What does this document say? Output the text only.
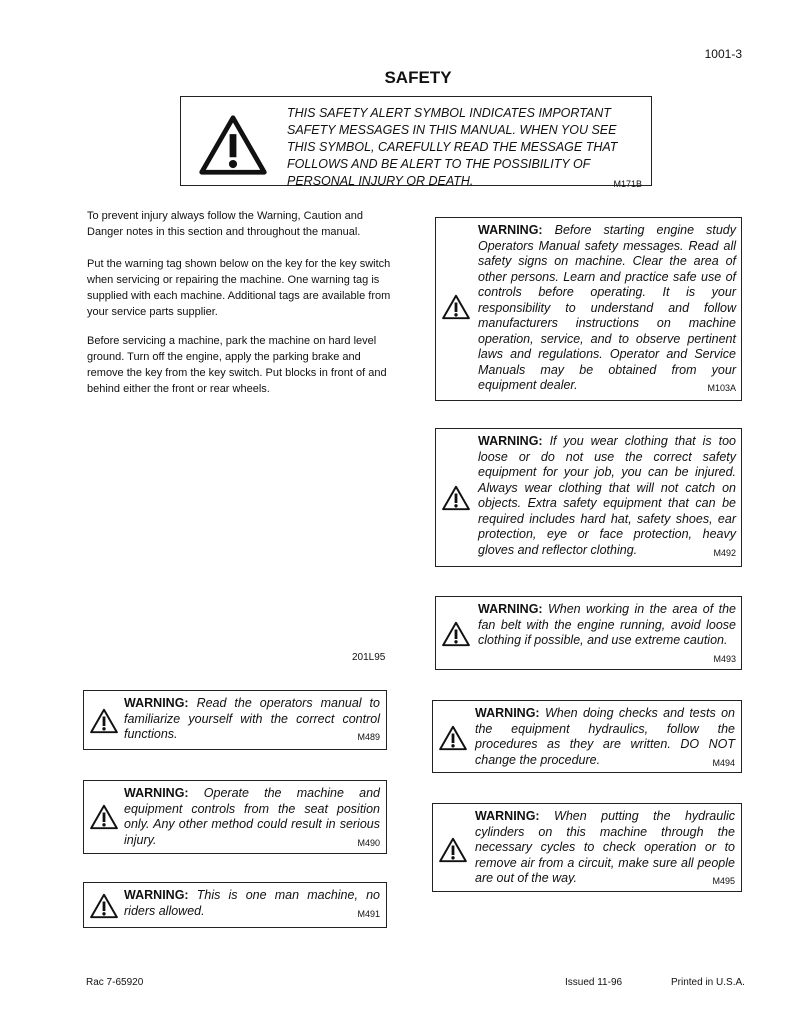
1001-3
SAFETY
THIS SAFETY ALERT SYMBOL INDICATES IMPORTANT SAFETY MESSAGES IN THIS MANUAL. WHEN YOU SEE THIS SYMBOL, CAREFULLY READ THE MESSAGE THAT FOLLOWS AND BE ALERT TO THE POSSIBILITY OF PERSONAL INJURY OR DEATH.	M171B
To prevent injury always follow the Warning, Caution and Danger notes in this section and throughout the manual.
Put the warning tag shown below on the key for the key switch when servicing or repairing the machine. One warning tag is supplied with each machine. Additional tags are available from your service parts supplier.
Before servicing a machine, park the machine on hard level ground. Turn off the engine, apply the parking brake and remove the key from the key switch. Put blocks in front of and behind either the front or rear wheels.
201L95
WARNING: Before starting engine study Operators Manual safety messages. Read all safety signs on machine. Clear the area of other persons. Learn and practice safe use of controls before operating. It is your responsibility to understand and follow manufacturers instructions on machine operation, service, and to observe pertinent laws and regulations. Operator and Service Manuals may be obtained from your equipment dealer.	M103A
WARNING: If you wear clothing that is too loose or do not use the correct safety equipment for your job, you can be injured. Always wear clothing that will not catch on objects. Extra safety equipment that can be required includes hard hat, safety shoes, ear protection, eye or face protection, heavy gloves and reflector clothing.	M492
WARNING: When working in the area of the fan belt with the engine running, avoid loose clothing if possible, and use extreme caution.
M493
WARNING: Read the operators manual to familiarize yourself with the correct control functions.	M489
WARNING: When doing checks and tests on the equipment hydraulics, follow the procedures as they are written. DO NOT change the procedure.	M494
WARNING: Operate the machine and equipment controls from the seat position only. Any other method could result in serious injury.	M490
WARNING: When putting the hydraulic cylinders on this machine through the necessary cycles to check operation or to remove air from a circuit, make sure all people are out of the way.	M495
WARNING: This is one man machine, no riders allowed.	M491
Rac 7-65920	Issued 11-96	Printed in U.S.A.
